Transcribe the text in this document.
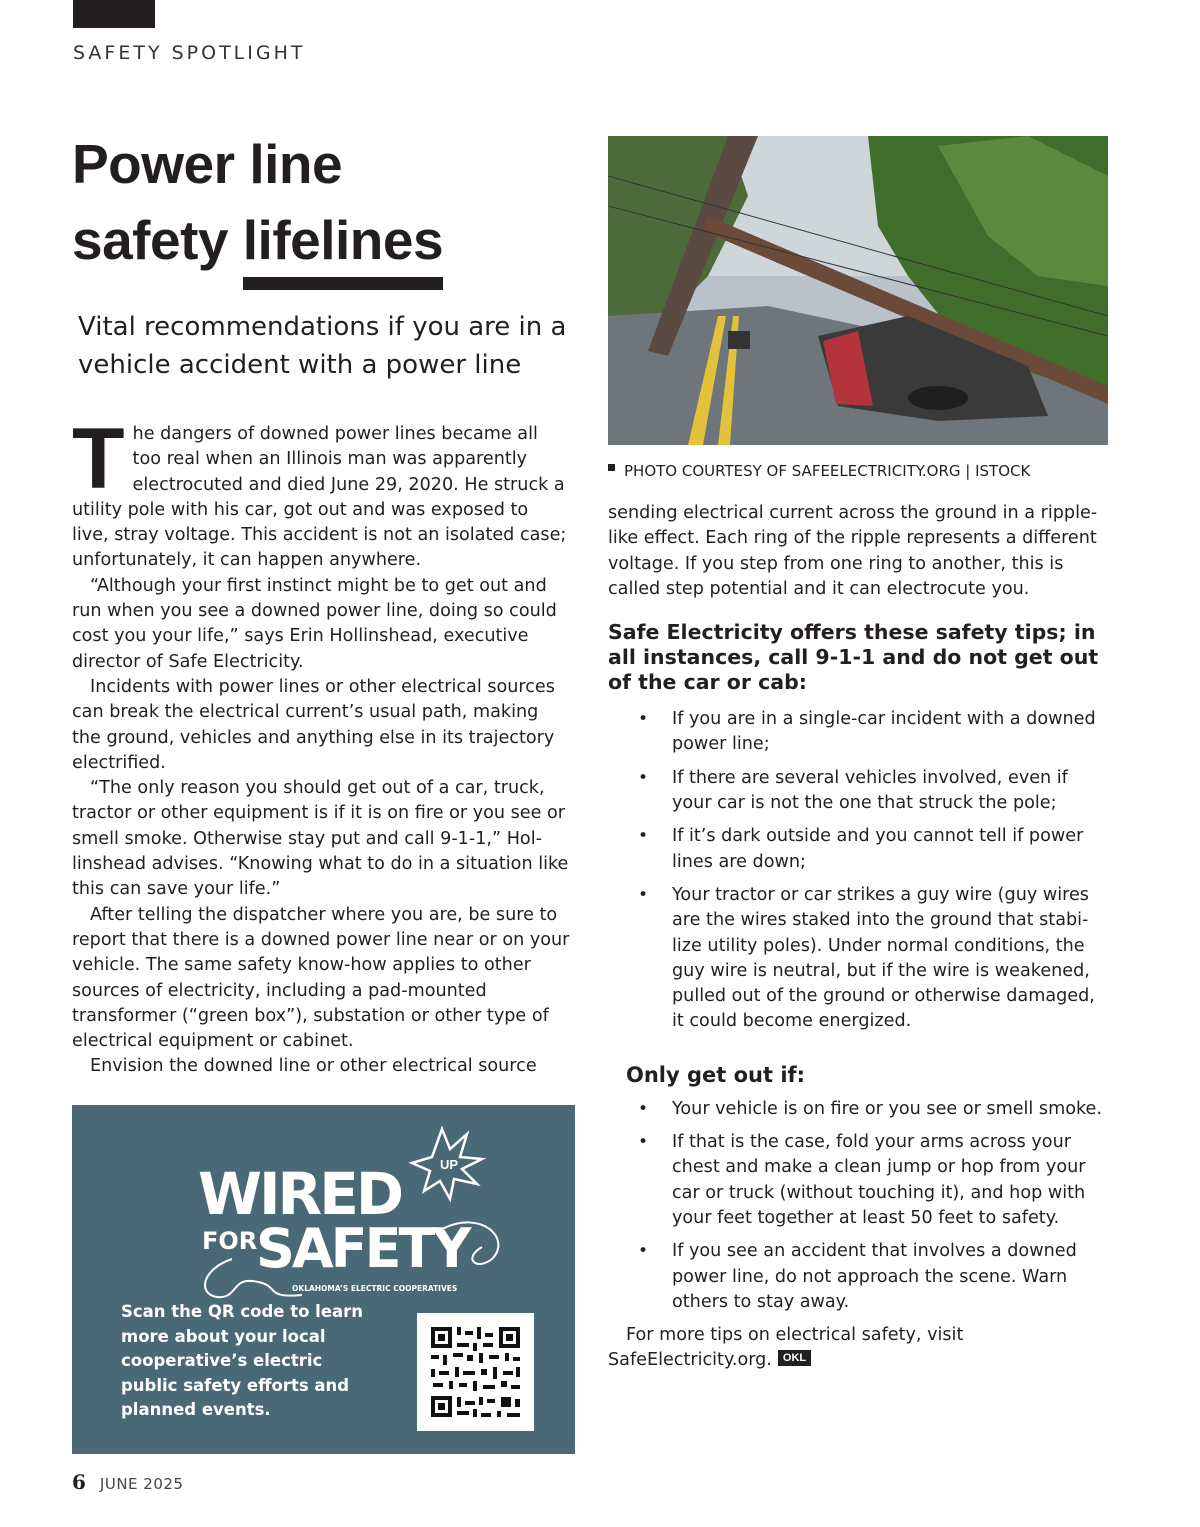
SAFETY SPOTLIGHT
Power line
safety lifelines
Vital recommendations if you are in a vehicle accident with a power line

The dangers of downed power lines became all too real when an Illinois man was apparently electrocuted and died June 29, 2020. He struck a utility pole with his car, got out and was exposed to live, stray voltage. This accident is not an isolated case; unfortunately, it can happen anywhere.

“Although your first instinct might be to get out and run when you see a downed power line, doing so could cost you your life,” says Erin Hollinshead, executive director of Safe Electricity.

Incidents with power lines or other electrical sources can break the electrical current’s usual path, making the ground, vehicles and anything else in its trajectory electrified.

“The only reason you should get out of a car, truck, tractor or other equipment is if it is on fire or you see or smell smoke. Otherwise stay put and call 9-1-1,” Hollinshead advises. “Knowing what to do in a situation like this can save your life.”

After telling the dispatcher where you are, be sure to report that there is a downed power line near or on your vehicle. The same safety know-how applies to other sources of electricity, including a pad-mounted transformer (“green box”), substation or other type of electrical equipment or cabinet.

Envision the downed line or other electrical source

PHOTO COURTESY OF SAFEELECTRICITY.ORG | ISTOCK

sending electrical current across the ground in a ripple-like effect. Each ring of the ripple represents a different voltage. If you step from one ring to another, this is called step potential and it can electrocute you.

Safe Electricity offers these safety tips; in all instances, call 9-1-1 and do not get out of the car or cab:
• If you are in a single-car incident with a downed power line;
• If there are several vehicles involved, even if your car is not the one that struck the pole;
• If it’s dark outside and you cannot tell if power lines are down;
• Your tractor or car strikes a guy wire (guy wires are the wires staked into the ground that stabilize utility poles). Under normal conditions, the guy wire is neutral, but if the wire is weakened, pulled out of the ground or otherwise damaged, it could become energized.
Only get out if:
• Your vehicle is on fire or you see or smell smoke.
• If that is the case, fold your arms across your chest and make a clean jump or hop from your car or truck (without touching it), and hop with your feet together at least 50 feet to safety.
• If you see an accident that involves a downed power line, do not approach the scene. Warn others to stay away.

For more tips on electrical safety, visit
SafeElectricity.org. OKL

UP
WIRED
FOR
SAFETY
OKLAHOMA’S ELECTRIC COOPERATIVES
Scan the QR code to learn more about your local cooperative’s electric public safety efforts and planned events.
6 JUNE 2025
